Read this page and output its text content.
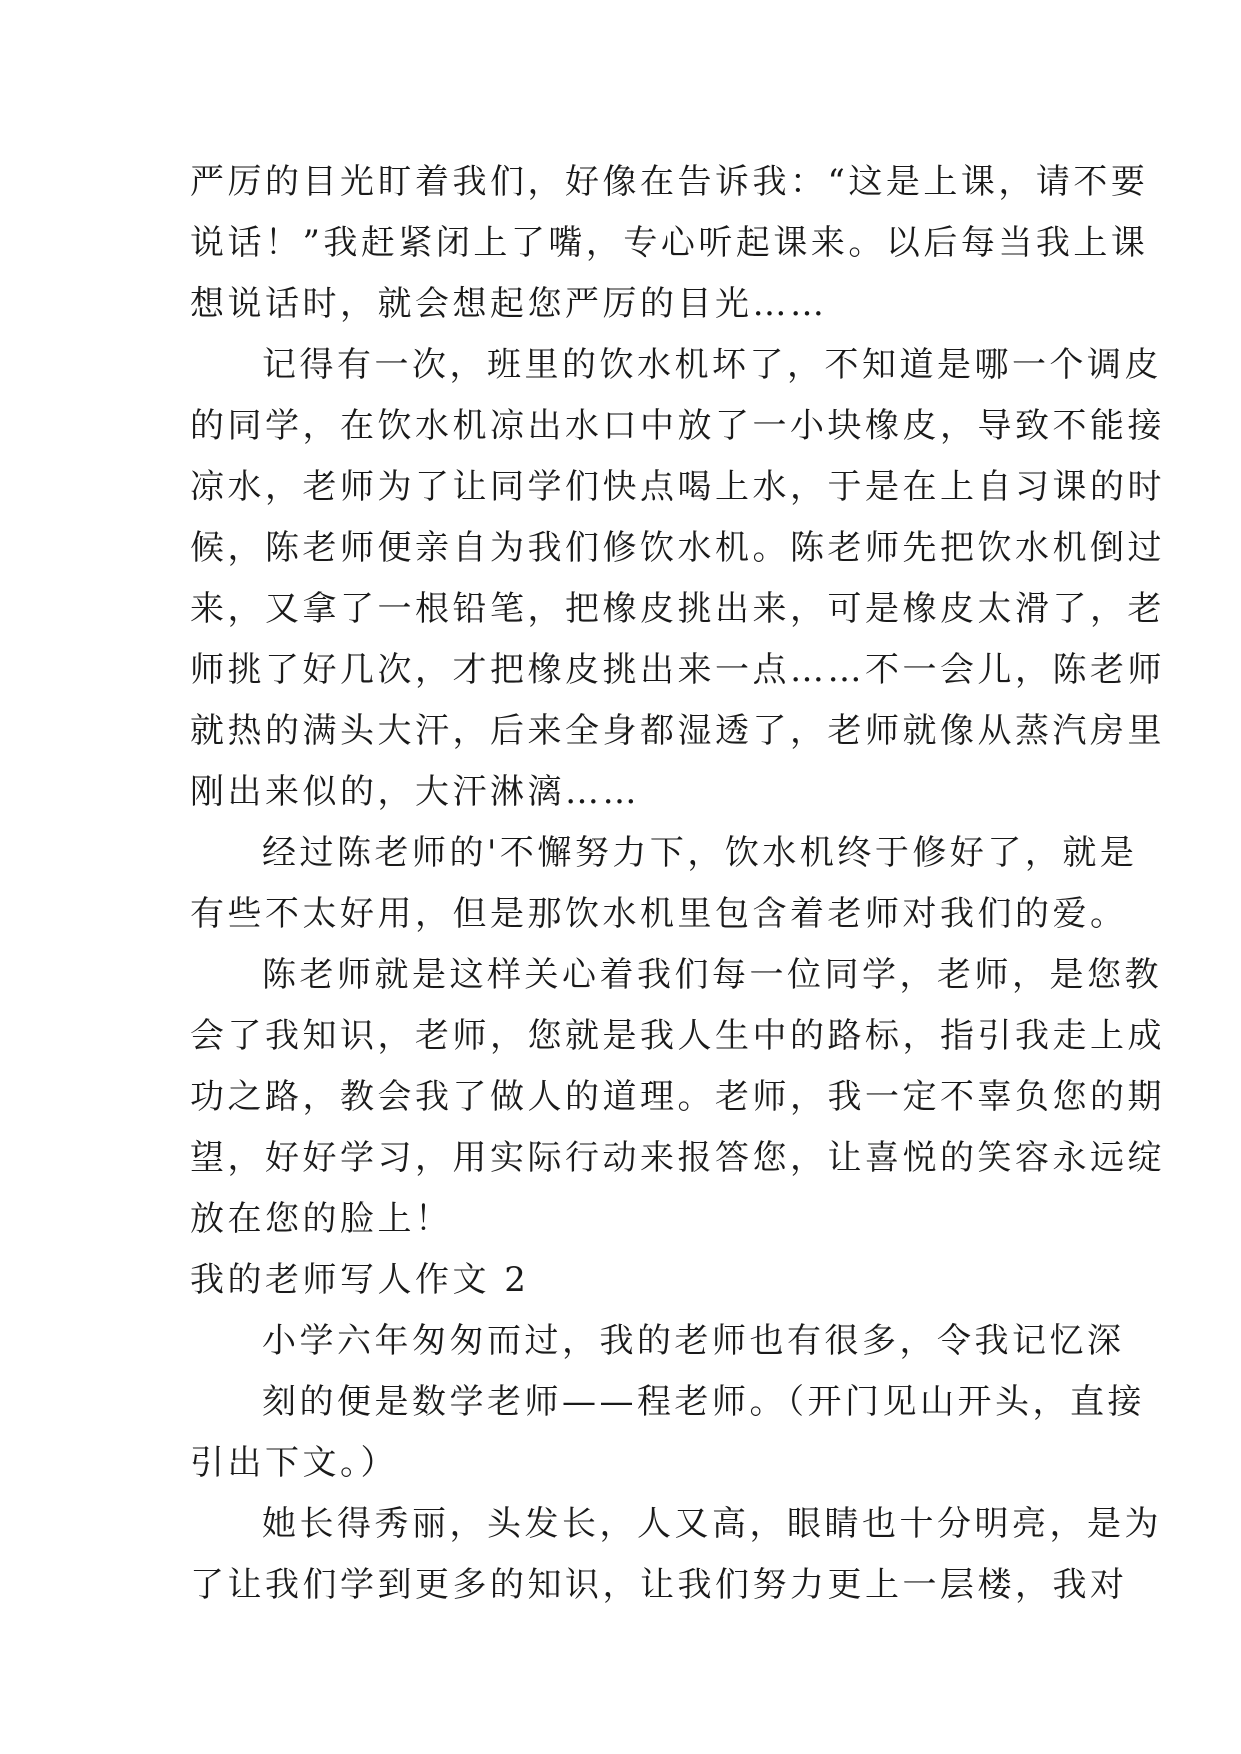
严厉的目光盯着我们，好像在告诉我：“这是上课，请不要
说话！”我赶紧闭上了嘴，专心听起课来。以后每当我上课
想说话时，就会想起您严厉的目光……
记得有一次，班里的饮水机坏了，不知道是哪一个调皮
的同学，在饮水机凉出水口中放了一小块橡皮，导致不能接
凉水，老师为了让同学们快点喝上水，于是在上自习课的时
候，陈老师便亲自为我们修饮水机。陈老师先把饮水机倒过
来，又拿了一根铅笔，把橡皮挑出来，可是橡皮太滑了，老
师挑了好几次，才把橡皮挑出来一点……不一会儿，陈老师
就热的满头大汗，后来全身都湿透了，老师就像从蒸汽房里
刚出来似的，大汗淋漓……
经过陈老师的'不懈努力下，饮水机终于修好了，就是
有些不太好用，但是那饮水机里包含着老师对我们的爱。
陈老师就是这样关心着我们每一位同学，老师，是您教
会了我知识，老师，您就是我人生中的路标，指引我走上成
功之路，教会我了做人的道理。老师，我一定不辜负您的期
望，好好学习，用实际行动来报答您，让喜悦的笑容永远绽
放在您的脸上！
我的老师写人作文 2
小学六年匆匆而过，我的老师也有很多，令我记忆深
刻的便是数学老师——程老师。（开门见山开头，直接
引出下文。）
她长得秀丽，头发长，人又高，眼睛也十分明亮，是为
了让我们学到更多的知识，让我们努力更上一层楼，我对
